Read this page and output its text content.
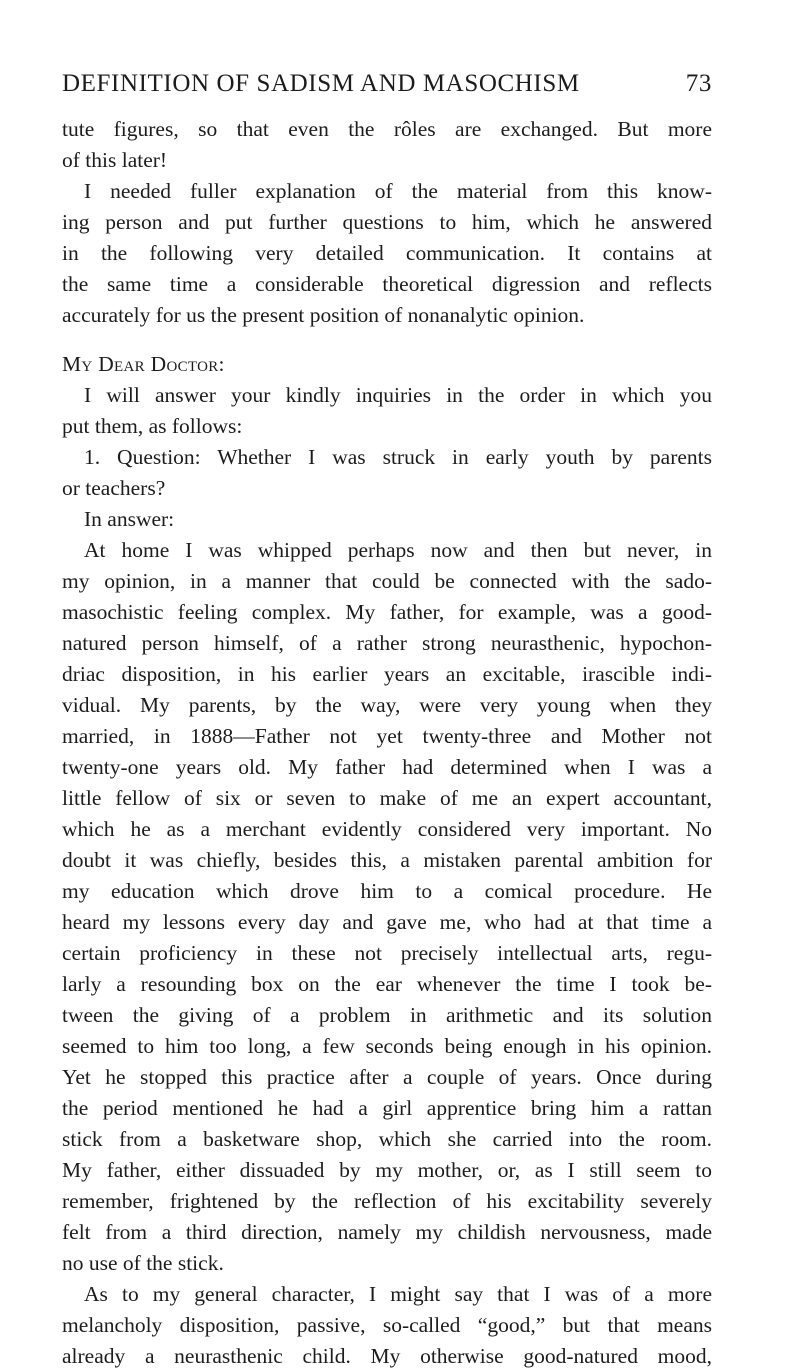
DEFINITION OF SADISM AND MASOCHISM	73
tute figures, so that even the rôles are exchanged. But more
of this later!
I needed fuller explanation of the material from this know-
ing person and put further questions to him, which he answered
in the following very detailed communication. It contains at
the same time a considerable theoretical digression and reflects
accurately for us the present position of nonanalytic opinion.
My Dear Doctor:
I will answer your kindly inquiries in the order in which you
put them, as follows:
1. Question: Whether I was struck in early youth by parents
or teachers?
In answer:
At home I was whipped perhaps now and then but never, in
my opinion, in a manner that could be connected with the sado-
masochistic feeling complex. My father, for example, was a good-
natured person himself, of a rather strong neurasthenic, hypochon-
driac disposition, in his earlier years an excitable, irascible indi-
vidual. My parents, by the way, were very young when they
married, in 1888—Father not yet twenty-three and Mother not
twenty-one years old. My father had determined when I was a
little fellow of six or seven to make of me an expert accountant,
which he as a merchant evidently considered very important. No
doubt it was chiefly, besides this, a mistaken parental ambition for
my education which drove him to a comical procedure. He
heard my lessons every day and gave me, who had at that time a
certain proficiency in these not precisely intellectual arts, regu-
larly a resounding box on the ear whenever the time I took be-
tween the giving of a problem in arithmetic and its solution
seemed to him too long, a few seconds being enough in his opinion.
Yet he stopped this practice after a couple of years. Once during
the period mentioned he had a girl apprentice bring him a rattan
stick from a basketware shop, which she carried into the room.
My father, either dissuaded by my mother, or, as I still seem to
remember, frightened by the reflection of his excitability severely
felt from a third direction, namely my childish nervousness, made
no use of the stick.
As to my general character, I might say that I was of a more
melancholy disposition, passive, so-called “good,” but that means
already a neurasthenic child. My otherwise good-natured mood,
